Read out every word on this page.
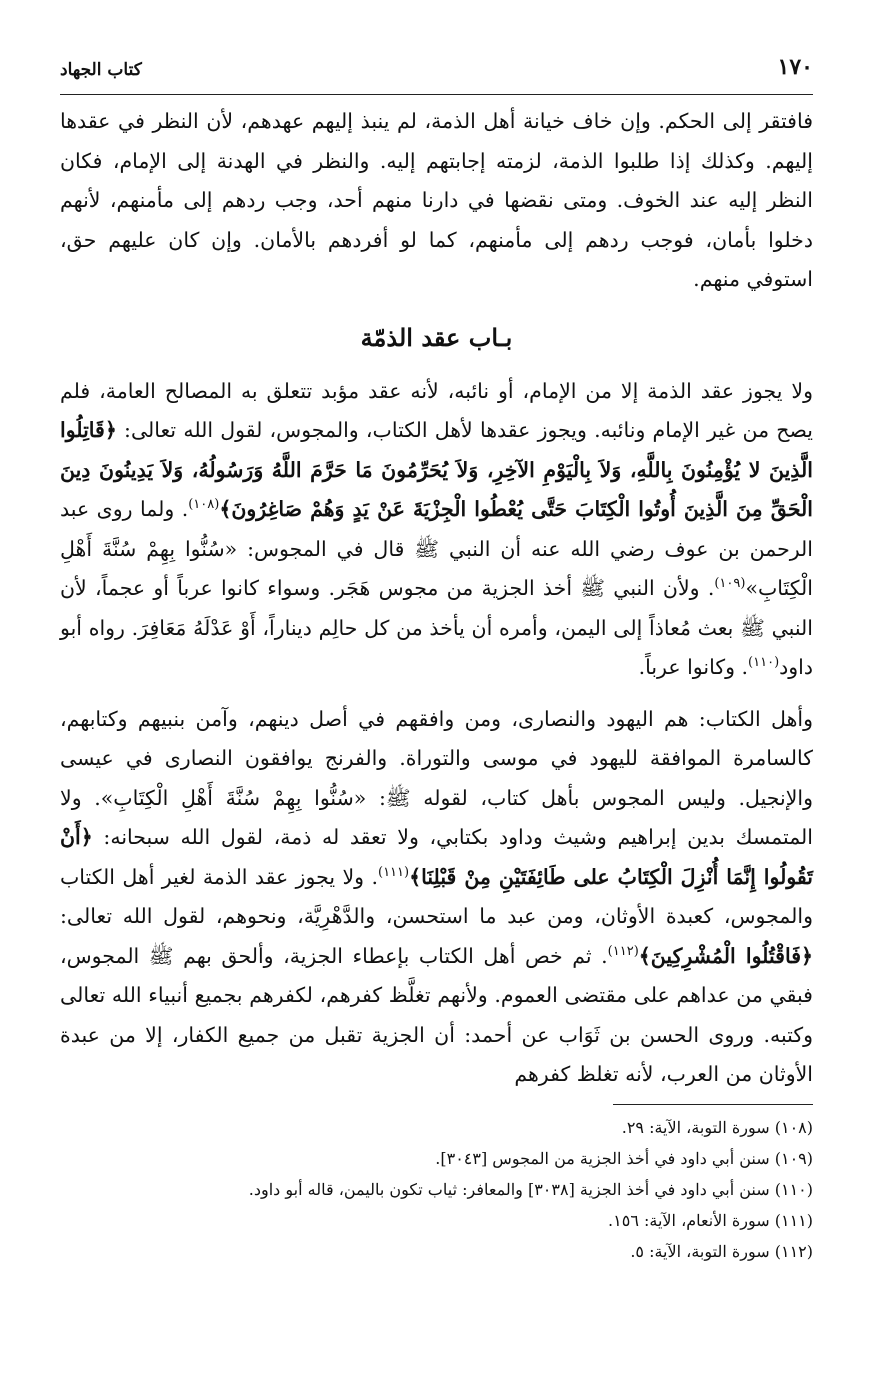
١٧٠
كتاب الجهاد

فافتقر إلى الحكم. وإن خاف خيانة أهل الذمة، لم ينبذ إليهم عهدهم، لأن النظر في عقدها إليهم. وكذلك إذا طلبوا الذمة، لزمته إجابتهم إليه. والنظر في الهدنة إلى الإمام، فكان النظر إليه عند الخوف. ومتى نقضها في دارنا منهم أحد، وجب ردهم إلى مأمنهم، لأنهم دخلوا بأمان، فوجب ردهم إلى مأمنهم، كما لو أفردهم بالأمان. وإن كان عليهم حق، استوفي منهم.

بـاب عقد الذمّة

ولا يجوز عقد الذمة إلا من الإمام، أو نائبه، لأنه عقد مؤبد تتعلق به المصالح العامة، فلم يصح من غير الإمام ونائبه. ويجوز عقدها لأهل الكتاب، والمجوس، لقول الله تعالى: ﴿قَاتِلُوا الَّذِينَ لا يُؤْمِنُونَ بِاللَّهِ، وَلاَ بِالْيَوْمِ الآخِرِ، وَلاَ يُحَرِّمُونَ مَا حَرَّمَ اللَّهُ وَرَسُولُهُ، وَلاَ يَدِينُونَ دِينَ الْحَقِّ مِنَ الَّذِينَ أُوتُوا الْكِتَابَ حَتَّى يُعْطُوا الْجِزْيَةَ عَنْ يَدٍ وَهُمْ صَاغِرُونَ﴾$^{(١٠٨)}$. ولما روى عبد الرحمن بن عوف رضي الله عنه أن النبي ﷺ قال في المجوس: «سُنُّوا بِهِمْ سُنَّةَ أَهْلِ الْكِتَابِ»$^{(١٠٩)}$. ولأن النبي ﷺ أخذ الجزية من مجوس هَجَر. وسواء كانوا عرباً أو عجماً، لأن النبي ﷺ بعث مُعاذاً إلى اليمن، وأمره أن يأخذ من كل حالِم ديناراً، أَوْ عَدْلَهُ مَعَافِرَ. رواه أبو داود$^{(١١٠)}$. وكانوا عرباً.

وأهل الكتاب: هم اليهود والنصارى، ومن وافقهم في أصل دينهم، وآمن بنبيهم وكتابهم، كالسامرة الموافقة لليهود في موسى والتوراة. والفرنج يوافقون النصارى في عيسى والإنجيل. وليس المجوس بأهل كتاب، لقوله ﷺ: «سُنُّوا بِهِمْ سُنَّةَ أَهْلِ الْكِتَابِ». ولا المتمسك بدين إبراهيم وشيث وداود بكتابي، ولا تعقد له ذمة، لقول الله سبحانه: ﴿أَنْ تَقُولُوا إِنَّمَا أُنْزِلَ الْكِتَابُ على طَائِفَتَيْنِ مِنْ قَبْلِنَا﴾$^{(١١١)}$. ولا يجوز عقد الذمة لغير أهل الكتاب والمجوس، كعبدة الأوثان، ومن عبد ما استحسن، والدَّهْرِيَّة، ونحوهم، لقول الله تعالى: ﴿فَاقْتُلُوا الْمُشْرِكِينَ﴾$^{(١١٢)}$. ثم خص أهل الكتاب بإعطاء الجزية، وألحق بهم ﷺ المجوس، فبقي من عداهم على مقتضى العموم. ولأنهم تغلَّظ كفرهم، لكفرهم بجميع أنبياء الله تعالى وكتبه. وروى الحسن بن ثَوَاب عن أحمد: أن الجزية تقبل من جميع الكفار، إلا من عبدة الأوثان من العرب، لأنه تغلظ كفرهم

(١٠٨) سورة التوبة، الآية: ٢٩.
(١٠٩) سنن أبي داود في أخذ الجزية من المجوس [٣٠٤٣].
(١١٠) سنن أبي داود في أخذ الجزية [٣٠٣٨] والمعافر: ثياب تكون باليمن، قاله أبو داود.
(١١١) سورة الأنعام، الآية: ١٥٦.
(١١٢) سورة التوبة، الآية: ٥.
